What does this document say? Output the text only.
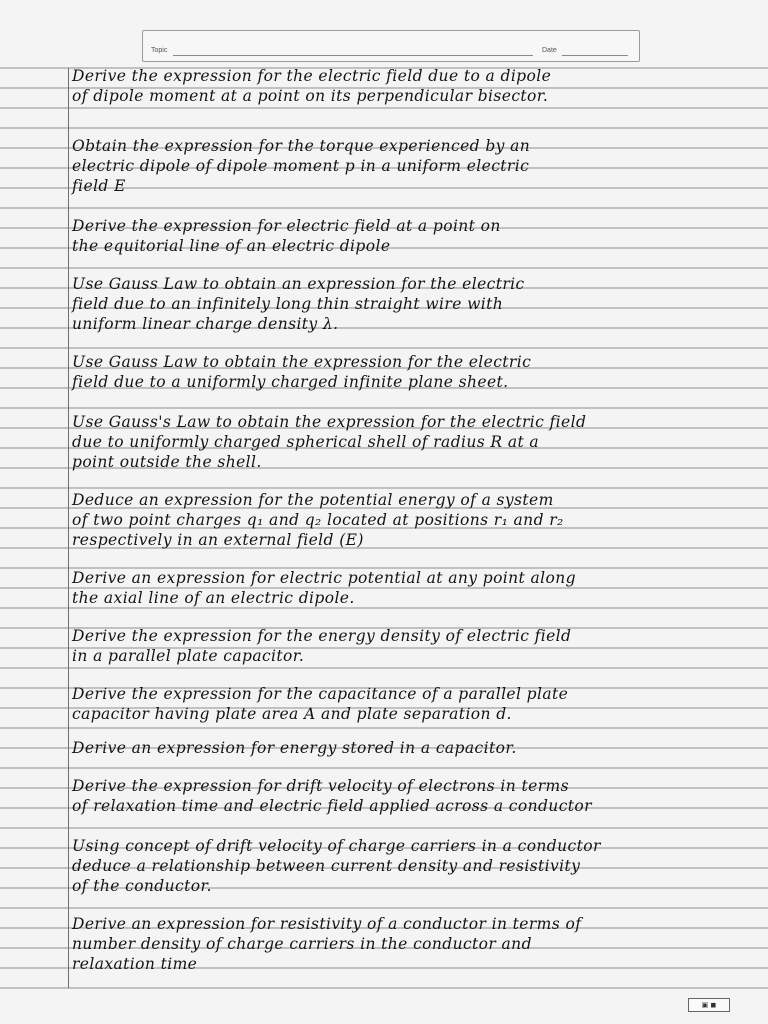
Topic	Date
Derive the expression for the electric field due to a dipole
of dipole moment at a point on its perpendicular bisector.
Obtain the expression for the torque experienced by an
electric dipole of dipole moment p in a uniform electric
field E
Derive the expression for electric field at a point on
the equitorial line of an electric dipole
Use Gauss Law to obtain an expression for the electric
field due to an infinitely long thin straight wire with
uniform linear charge density λ.
Use Gauss Law to obtain the expression for the electric
field due to a uniformly charged infinite plane sheet.
Use Gauss's Law to obtain the expression for the electric field
due to uniformly charged spherical shell of radius R at a
point outside the shell.
Deduce an expression for the potential energy of a system
of two point charges q₁ and q₂ located at positions r₁ and r₂
respectively in an external field (E)
Derive an expression for electric potential at any point along
the axial line of an electric dipole.
Derive the expression for the energy density of electric field
in a parallel plate capacitor.
Derive the expression for the capacitance of a parallel plate
capacitor having plate area A and plate separation d.
Derive an expression for energy stored in a capacitor.
Derive the expression for drift velocity of electrons in terms
of relaxation time and electric field applied across a conductor
Using concept of drift velocity of charge carriers in a conductor
deduce a relationship between current density and resistivity
of the conductor.
Derive an expression for resistivity of a conductor in terms of
number density of charge carriers in the conductor and
relaxation time
▣ ◼
